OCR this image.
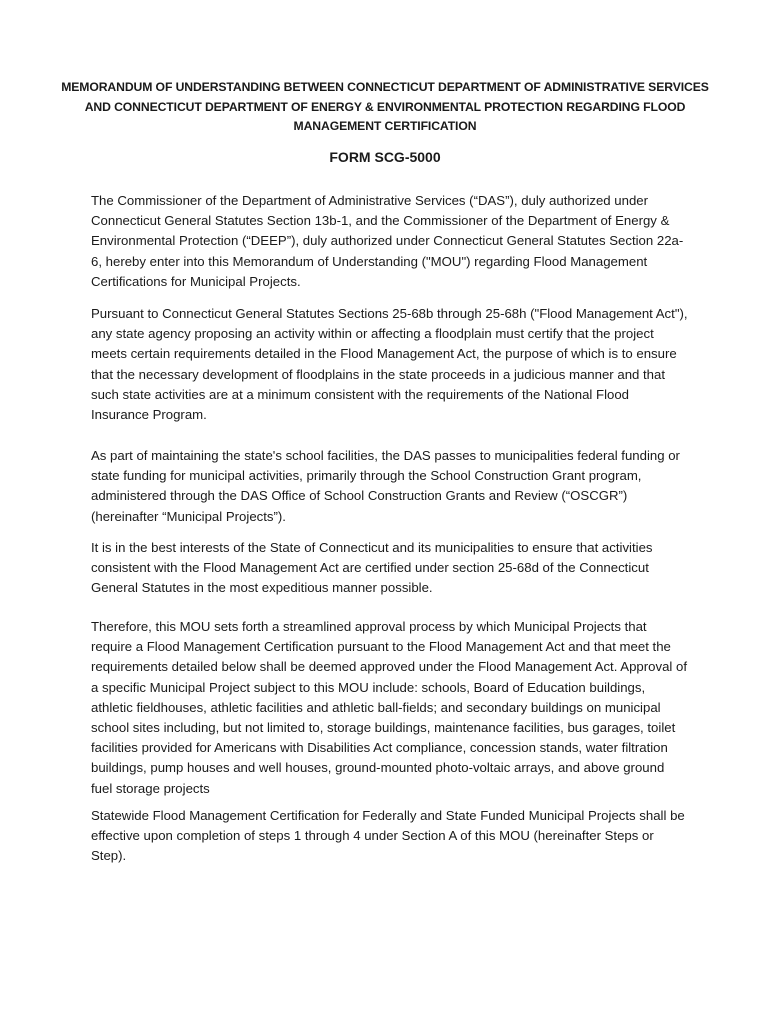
MEMORANDUM OF UNDERSTANDING BETWEEN CONNECTICUT DEPARTMENT OF ADMINISTRATIVE SERVICES AND CONNECTICUT DEPARTMENT OF ENERGY & ENVIRONMENTAL PROTECTION REGARDING FLOOD MANAGEMENT CERTIFICATION
FORM SCG-5000

The Commissioner of the Department of Administrative Services (“DAS”), duly authorized under Connecticut General Statutes Section 13b-1, and the Commissioner of the Department of Energy & Environmental Protection (“DEEP”), duly authorized under Connecticut General Statutes Section 22a-6, hereby enter into this Memorandum of Understanding ("MOU") regarding Flood Management Certifications for Municipal Projects.

Pursuant to Connecticut General Statutes Sections 25-68b through 25-68h ("Flood Management Act"), any state agency proposing an activity within or affecting a floodplain must certify that the project meets certain requirements detailed in the Flood Management Act, the purpose of which is to ensure that the necessary development of floodplains in the state proceeds in a judicious manner and that such state activities are at a minimum consistent with the requirements of the National Flood Insurance Program.

As part of maintaining the state's school facilities, the DAS passes to municipalities federal funding or state funding for municipal activities, primarily through the School Construction Grant program, administered through the DAS Office of School Construction Grants and Review (“OSCGR”) (hereinafter “Municipal Projects”).

It is in the best interests of the State of Connecticut and its municipalities to ensure that activities consistent with the Flood Management Act are certified under section 25-68d of the Connecticut General Statutes in the most expeditious manner possible.

Therefore, this MOU sets forth a streamlined approval process by which Municipal Projects that require a Flood Management Certification pursuant to the Flood Management Act and that meet the requirements detailed below shall be deemed approved under the Flood Management Act. Approval of a specific Municipal Project subject to this MOU include: schools, Board of Education buildings, athletic fieldhouses, athletic facilities and athletic ball-fields; and secondary buildings on municipal school sites including, but not limited to, storage buildings, maintenance facilities, bus garages, toilet facilities provided for Americans with Disabilities Act compliance, concession stands, water filtration buildings, pump houses and well houses, ground-mounted photo-voltaic arrays, and above ground fuel storage projects

Statewide Flood Management Certification for Federally and State Funded Municipal Projects shall be effective upon completion of steps 1 through 4 under Section A of this MOU (hereinafter Steps or Step).
